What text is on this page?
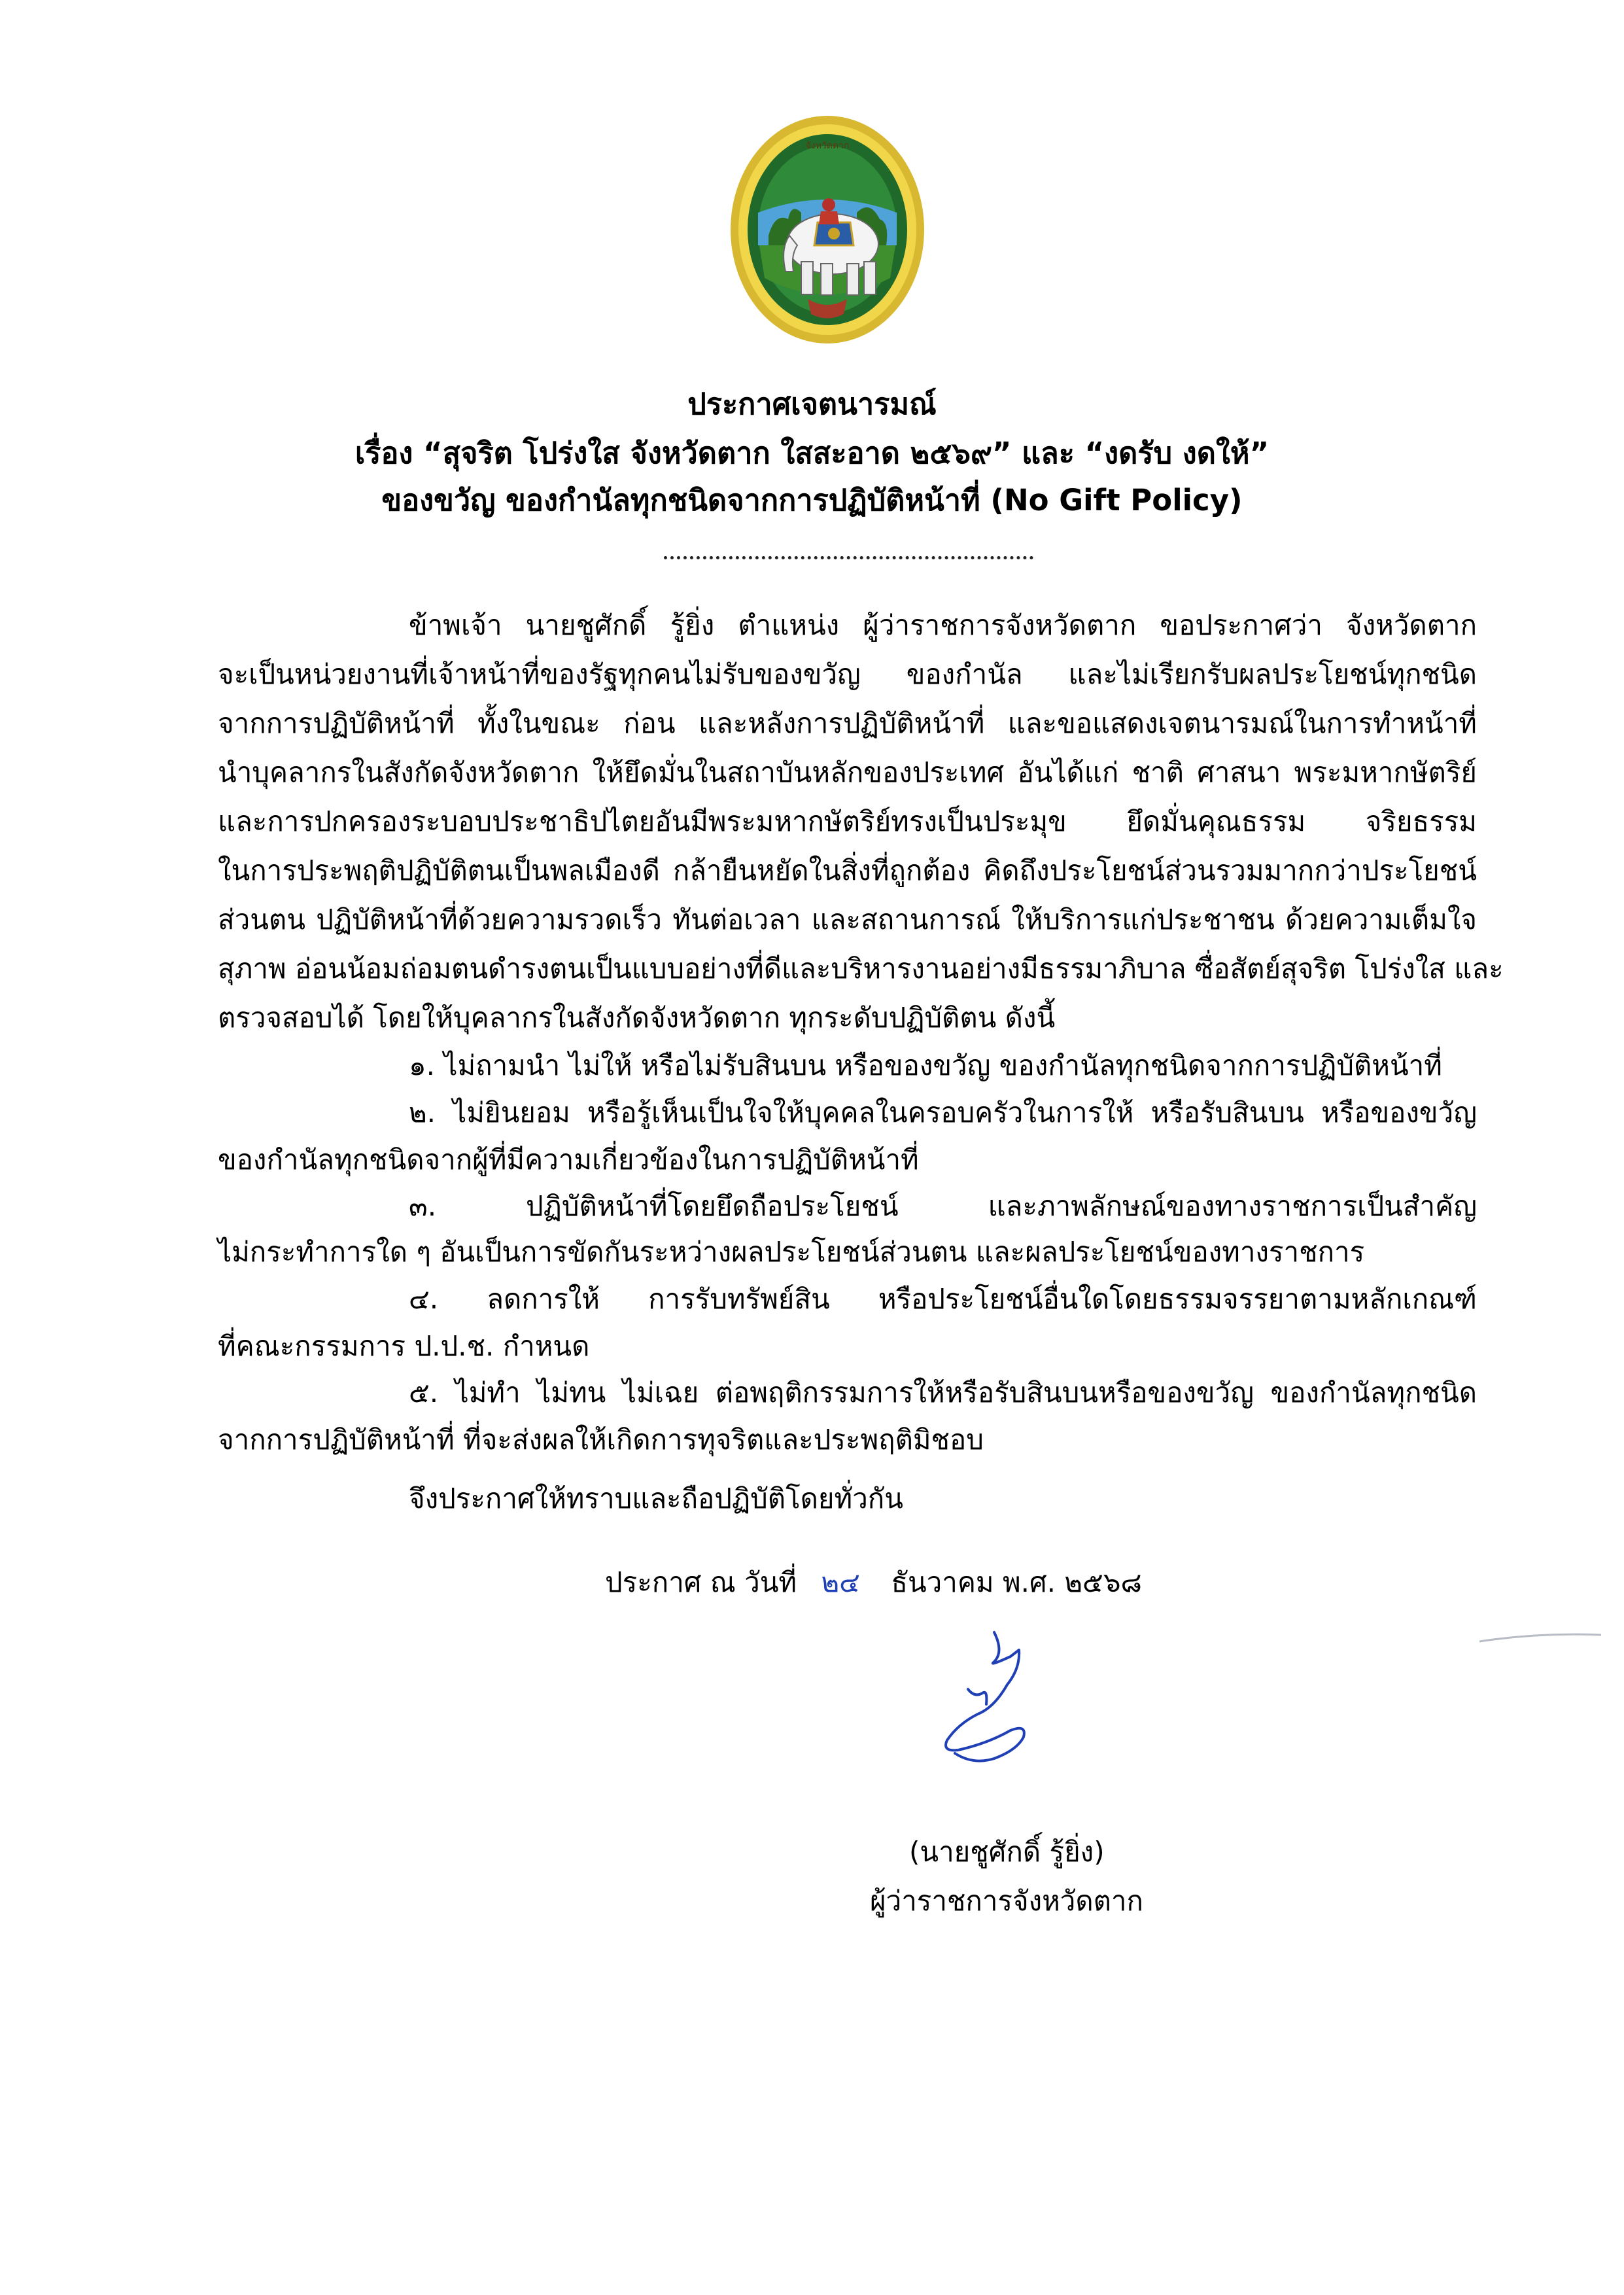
จังหวัดตาก
ประกาศเจตนารมณ์
เรื่อง “สุจริต โปร่งใส จังหวัดตาก ใสสะอาด ๒๕๖๙” และ “งดรับ งดให้”
ของขวัญ ของกำนัลทุกชนิดจากการปฏิบัติหน้าที่ (No Gift Policy)
ข้าพเจ้า นายชูศักดิ์ รู้ยิ่ง ตำแหน่ง ผู้ว่าราชการจังหวัดตาก ขอประกาศว่า จังหวัดตาก
จะเป็นหน่วยงานที่เจ้าหน้าที่ของรัฐทุกคนไม่รับของขวัญ ของกำนัล และไม่เรียกรับผลประโยชน์ทุกชนิด
จากการปฏิบัติหน้าที่ ทั้งในขณะ ก่อน และหลังการปฏิบัติหน้าที่ และขอแสดงเจตนารมณ์ในการทำหน้าที่
นำบุคลากรในสังกัดจังหวัดตาก ให้ยึดมั่นในสถาบันหลักของประเทศ อันได้แก่ ชาติ ศาสนา พระมหากษัตริย์
และการปกครองระบอบประชาธิปไตยอันมีพระมหากษัตริย์ทรงเป็นประมุข ยึดมั่นคุณธรรม จริยธรรม
ในการประพฤติปฏิบัติตนเป็นพลเมืองดี กล้ายืนหยัดในสิ่งที่ถูกต้อง คิดถึงประโยชน์ส่วนรวมมากกว่าประโยชน์
ส่วนตน ปฏิบัติหน้าที่ด้วยความรวดเร็ว ทันต่อเวลา และสถานการณ์ ให้บริการแก่ประชาชน ด้วยความเต็มใจ
สุภาพ อ่อนน้อมถ่อมตนดำรงตนเป็นแบบอย่างที่ดีและบริหารงานอย่างมีธรรมาภิบาล ซื่อสัตย์สุจริต โปร่งใส และ
ตรวจสอบได้ โดยให้บุคลากรในสังกัดจังหวัดตาก ทุกระดับปฏิบัติตน ดังนี้
๑. ไม่ถามนำ ไม่ให้ หรือไม่รับสินบน หรือของขวัญ ของกำนัลทุกชนิดจากการปฏิบัติหน้าที่
๒. ไม่ยินยอม หรือรู้เห็นเป็นใจให้บุคคลในครอบครัวในการให้ หรือรับสินบน หรือของขวัญ
ของกำนัลทุกชนิดจากผู้ที่มีความเกี่ยวข้องในการปฏิบัติหน้าที่
๓. ปฏิบัติหน้าที่โดยยึดถือประโยชน์ และภาพลักษณ์ของทางราชการเป็นสำคัญ
ไม่กระทำการใด ๆ อันเป็นการขัดกันระหว่างผลประโยชน์ส่วนตน และผลประโยชน์ของทางราชการ
๔. ลดการให้ การรับทรัพย์สิน หรือประโยชน์อื่นใดโดยธรรมจรรยาตามหลักเกณฑ์
ที่คณะกรรมการ ป.ป.ช. กำหนด
๕. ไม่ทำ ไม่ทน ไม่เฉย ต่อพฤติกรรมการให้หรือรับสินบนหรือของขวัญ ของกำนัลทุกชนิด
จากการปฏิบัติหน้าที่ ที่จะส่งผลให้เกิดการทุจริตและประพฤติมิชอบ
จึงประกาศให้ทราบและถือปฏิบัติโดยทั่วกัน
ประกาศ ณ วันที่ ๒๔ ธันวาคม พ.ศ. ๒๕๖๘
(นายชูศักดิ์ รู้ยิ่ง)
ผู้ว่าราชการจังหวัดตาก
